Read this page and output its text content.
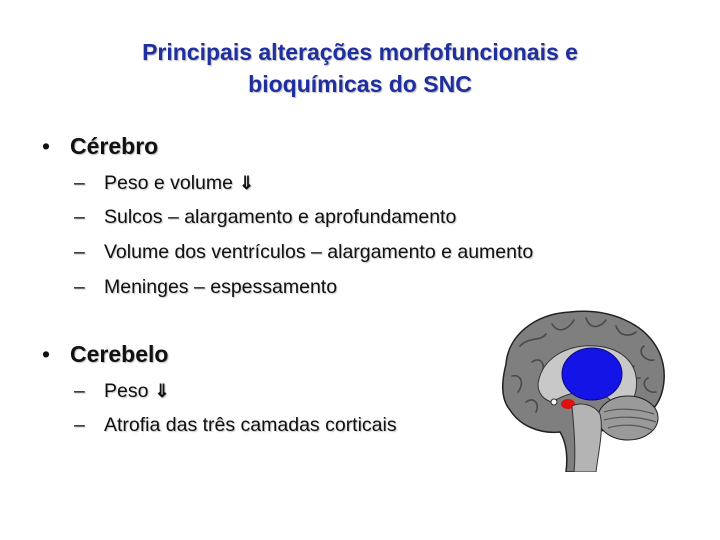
Principais alterações morfofuncionais e
bioquímicas do SNC
• Cérebro
– Peso e volume ⇓
– Sulcos – alargamento e aprofundamento
– Volume dos ventrículos – alargamento e aumento
– Meninges – espessamento
• Cerebelo
– Peso ⇓
– Atrofia das três camadas corticais
